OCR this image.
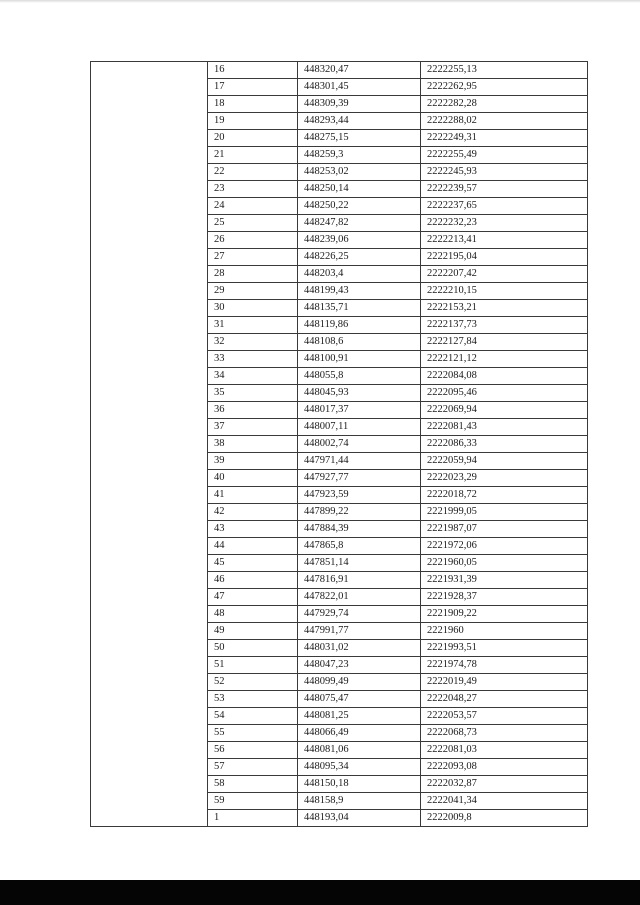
	16	448320,47	2222255,13
	17	448301,45	2222262,95
	18	448309,39	2222282,28
	19	448293,44	2222288,02
	20	448275,15	2222249,31
	21	448259,3	2222255,49
	22	448253,02	2222245,93
	23	448250,14	2222239,57
	24	448250,22	2222237,65
	25	448247,82	2222232,23
	26	448239,06	2222213,41
	27	448226,25	2222195,04
	28	448203,4	2222207,42
	29	448199,43	2222210,15
	30	448135,71	2222153,21
	31	448119,86	2222137,73
	32	448108,6	2222127,84
	33	448100,91	2222121,12
	34	448055,8	2222084,08
	35	448045,93	2222095,46
	36	448017,37	2222069,94
	37	448007,11	2222081,43
	38	448002,74	2222086,33
	39	447971,44	2222059,94
	40	447927,77	2222023,29
	41	447923,59	2222018,72
	42	447899,22	2221999,05
	43	447884,39	2221987,07
	44	447865,8	2221972,06
	45	447851,14	2221960,05
	46	447816,91	2221931,39
	47	447822,01	2221928,37
	48	447929,74	2221909,22
	49	447991,77	2221960
	50	448031,02	2221993,51
	51	448047,23	2221974,78
	52	448099,49	2222019,49
	53	448075,47	2222048,27
	54	448081,25	2222053,57
	55	448066,49	2222068,73
	56	448081,06	2222081,03
	57	448095,34	2222093,08
	58	448150,18	2222032,87
	59	448158,9	2222041,34
	1	448193,04	2222009,8
